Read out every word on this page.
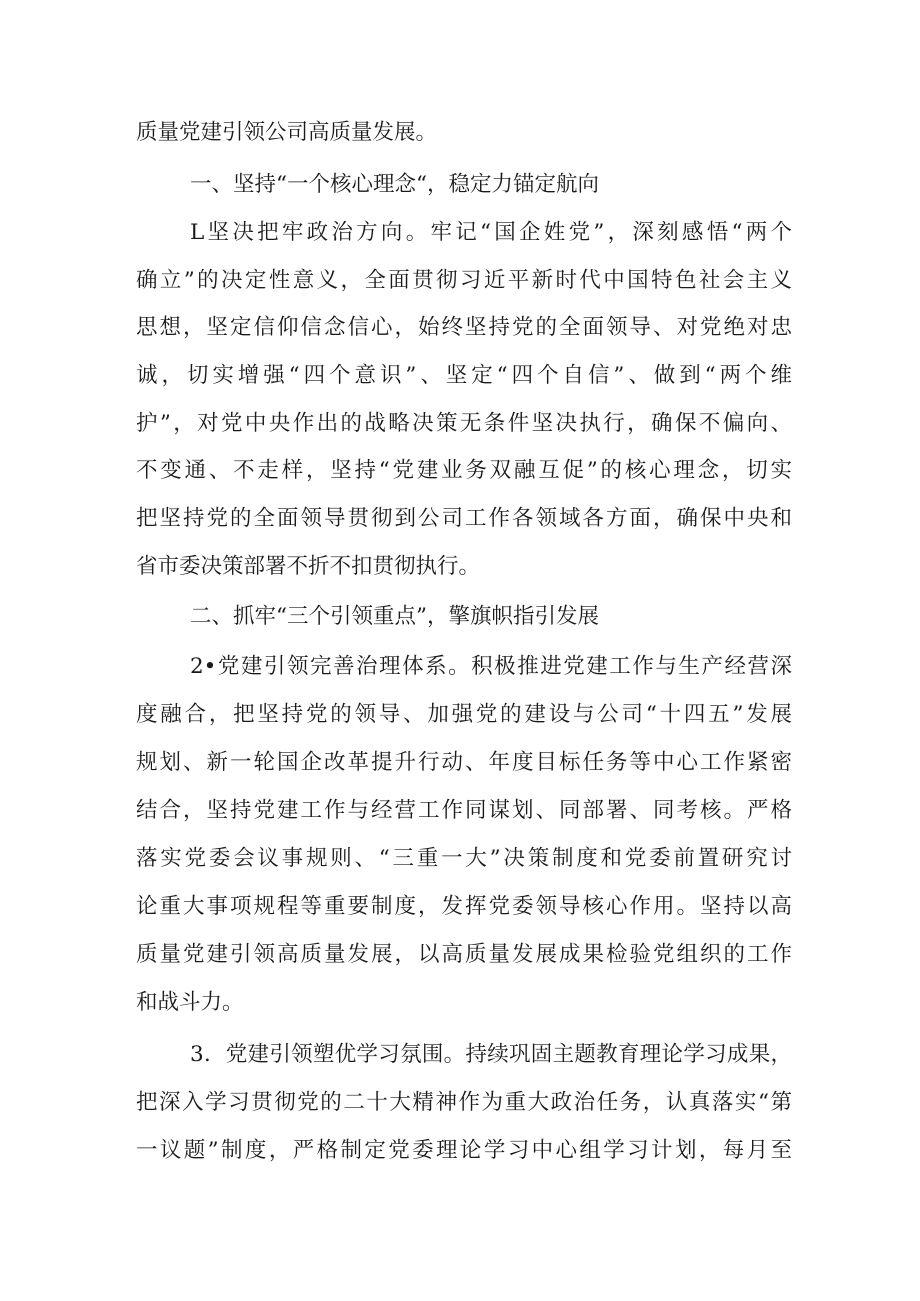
质量党建引领公司高质量发展。
一、坚持“一个核心理念“，稳定力锚定航向
L坚决把牢政治方向。牢记“国企姓党”，深刻感悟“两个
确立”的决定性意义，全面贯彻习近平新时代中国特色社会主义
思想，坚定信仰信念信心，始终坚持党的全面领导、对党绝对忠
诚，切实增强“四个意识”、坚定“四个自信”、做到“两个维
护”，对党中央作出的战略决策无条件坚决执行，确保不偏向、
不变通、不走样，坚持“党建业务双融互促”的核心理念，切实
把坚持党的全面领导贯彻到公司工作各领域各方面，确保中央和
省市委决策部署不折不扣贯彻执行。
二、抓牢“三个引领重点”，擎旗帜指引发展
2•党建引领完善治理体系。积极推进党建工作与生产经营深
度融合，把坚持党的领导、加强党的建设与公司“十四五”发展
规划、新一轮国企改革提升行动、年度目标任务等中心工作紧密
结合，坚持党建工作与经营工作同谋划、同部署、同考核。严格
落实党委会议事规则、“三重一大”决策制度和党委前置研究讨
论重大事项规程等重要制度，发挥党委领导核心作用。坚持以高
质量党建引领高质量发展，以高质量发展成果检验党组织的工作
和战斗力。
3．党建引领塑优学习氛围。持续巩固主题教育理论学习成果，
把深入学习贯彻党的二十大精神作为重大政治任务，认真落实“第
一议题”制度，严格制定党委理论学习中心组学习计划，每月至
